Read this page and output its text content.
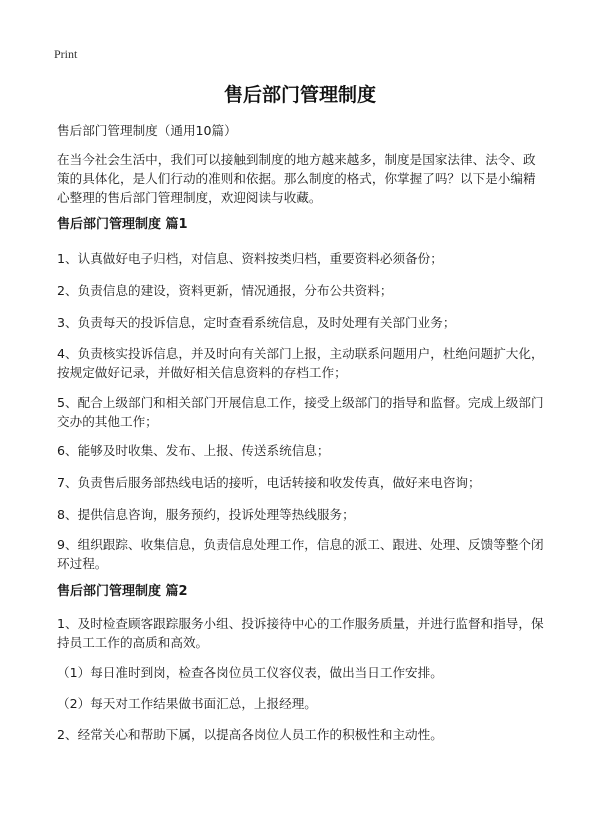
Print
售后部门管理制度
售后部门管理制度（通用10篇）
在当今社会生活中，我们可以接触到制度的地方越来越多，制度是国家法律、法令、政策的具体化，是人们行动的准则和依据。那么制度的格式，你掌握了吗？以下是小编精心整理的售后部门管理制度，欢迎阅读与收藏。
售后部门管理制度 篇1
1、认真做好电子归档，对信息、资料按类归档，重要资料必须备份；
2、负责信息的建设，资料更新，情况通报，分布公共资料；
3、负责每天的投诉信息，定时查看系统信息，及时处理有关部门业务；
4、负责核实投诉信息，并及时向有关部门上报，主动联系问题用户，杜绝问题扩大化，按规定做好记录，并做好相关信息资料的存档工作；
5、配合上级部门和相关部门开展信息工作，接受上级部门的指导和监督。完成上级部门交办的其他工作；
6、能够及时收集、发布、上报、传送系统信息；
7、负责售后服务部热线电话的接听，电话转接和收发传真，做好来电咨询；
8、提供信息咨询，服务预约，投诉处理等热线服务；
9、组织跟踪、收集信息，负责信息处理工作，信息的派工、跟进、处理、反馈等整个闭环过程。
售后部门管理制度 篇2
1、及时检查顾客跟踪服务小组、投诉接待中心的工作服务质量，并进行监督和指导，保持员工工作的高质和高效。
（1）每日准时到岗，检查各岗位员工仪容仪表，做出当日工作安排。
（2）每天对工作结果做书面汇总，上报经理。
2、经常关心和帮助下属，以提高各岗位人员工作的积极性和主动性。
